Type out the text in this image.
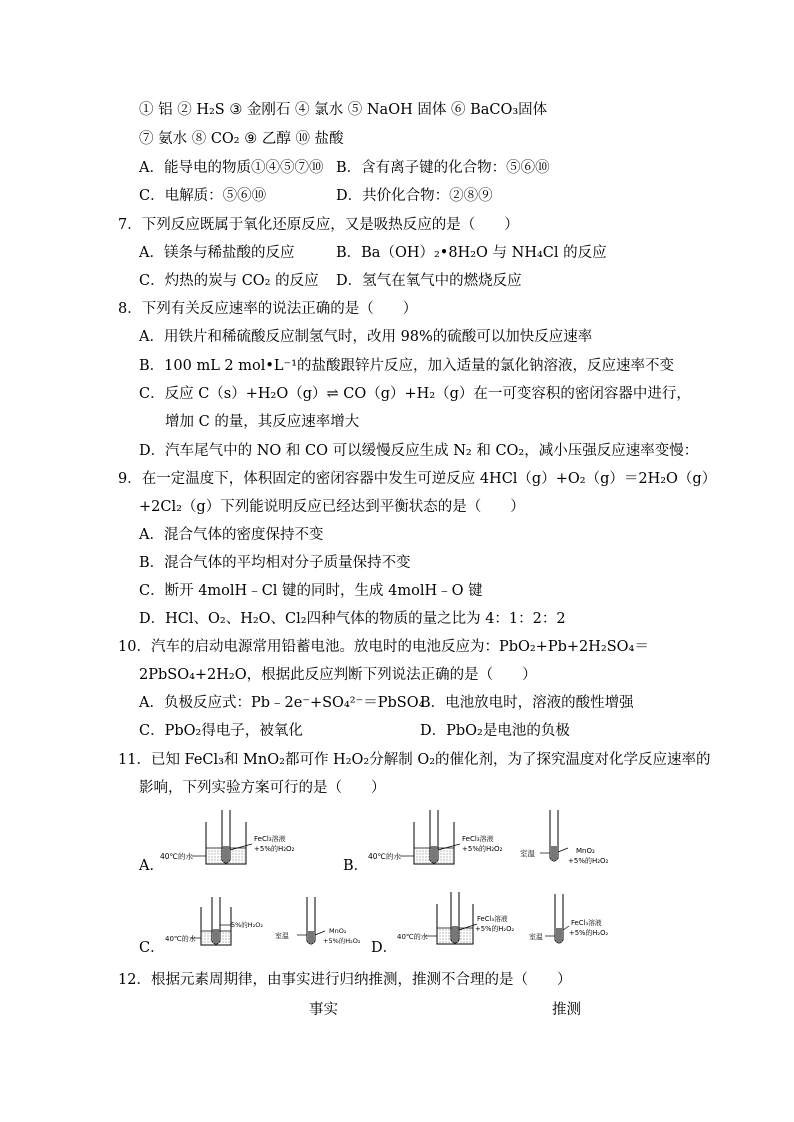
① 铝 ② H₂S ③ 金刚石 ④ 氯水 ⑤ NaOH 固体 ⑥ BaCO₃固体
⑦ 氨水 ⑧ CO₂ ⑨ 乙醇 ⑩ 盐酸
A．能导电的物质①④⑤⑦⑩ B．含有离子键的化合物：⑤⑥⑩
C．电解质：⑤⑥⑩	D．共价化合物：②⑧⑨
7．下列反应既属于氧化还原反应，又是吸热反应的是（　　）
A．镁条与稀盐酸的反应	B．Ba（OH）₂•8H₂O 与 NH₄Cl 的反应
C．灼热的炭与 CO₂ 的反应 D．氢气在氧气中的燃烧反应
8．下列有关反应速率的说法正确的是（　　）
A．用铁片和稀硫酸反应制氢气时，改用 98%的硫酸可以加快反应速率
B．100 mL 2 mol•L⁻¹的盐酸跟锌片反应，加入适量的氯化钠溶液，反应速率不变
C．反应 C（s）+H₂O（g）⇌ CO（g）+H₂（g）在一可变容积的密闭容器中进行，
增加 C 的量，其反应速率增大
D．汽车尾气中的 NO 和 CO 可以缓慢反应生成 N₂ 和 CO₂，减小压强反应速率变慢：
9．在一定温度下，体积固定的密闭容器中发生可逆反应 4HCl（g）+O₂（g）＝2H₂O（g）
+2Cl₂（g）下列能说明反应已经达到平衡状态的是（　　）
A．混合气体的密度保持不变
B．混合气体的平均相对分子质量保持不变
C．断开 4molH﹣Cl 键的同时，生成 4molH﹣O 键
D．HCl、O₂、H₂O、Cl₂四种气体的物质的量之比为 4：1：2：2
10．汽车的启动电源常用铅蓄电池。放电时的电池反应为：PbO₂+Pb+2H₂SO₄＝
2PbSO₄+2H₂O，根据此反应判断下列说法正确的是（　　）
A．负极反应式：Pb﹣2e⁻+SO₄²⁻＝PbSO₄
B．电池放电时，溶液的酸性增强
C．PbO₂得电子，被氧化	D．PbO₂是电池的负极
11．已知 FeCl₃和 MnO₂都可作 H₂O₂分解制 O₂的催化剂，为了探究温度对化学反应速率的
影响，下列实验方案可行的是（　　）
A．
40℃的水
FeCl₃溶液
+5%的H₂O₂
B．
40℃的水
FeCl₃溶液
+5%的H₂O₂ 室温	MnO₂
+5%的H₂O₂
C．
40℃的水
5%的H₂O₂
室温
MnO₂
+5%的H₂O₂ D．
40℃的水
FeCl₃溶液
+5%的H₂O₂
室温
FeCl₃溶液
+5%的H₂O₂
12．根据元素周期律，由事实进行归纳推测，推测不合理的是（　　）
事实	推测
